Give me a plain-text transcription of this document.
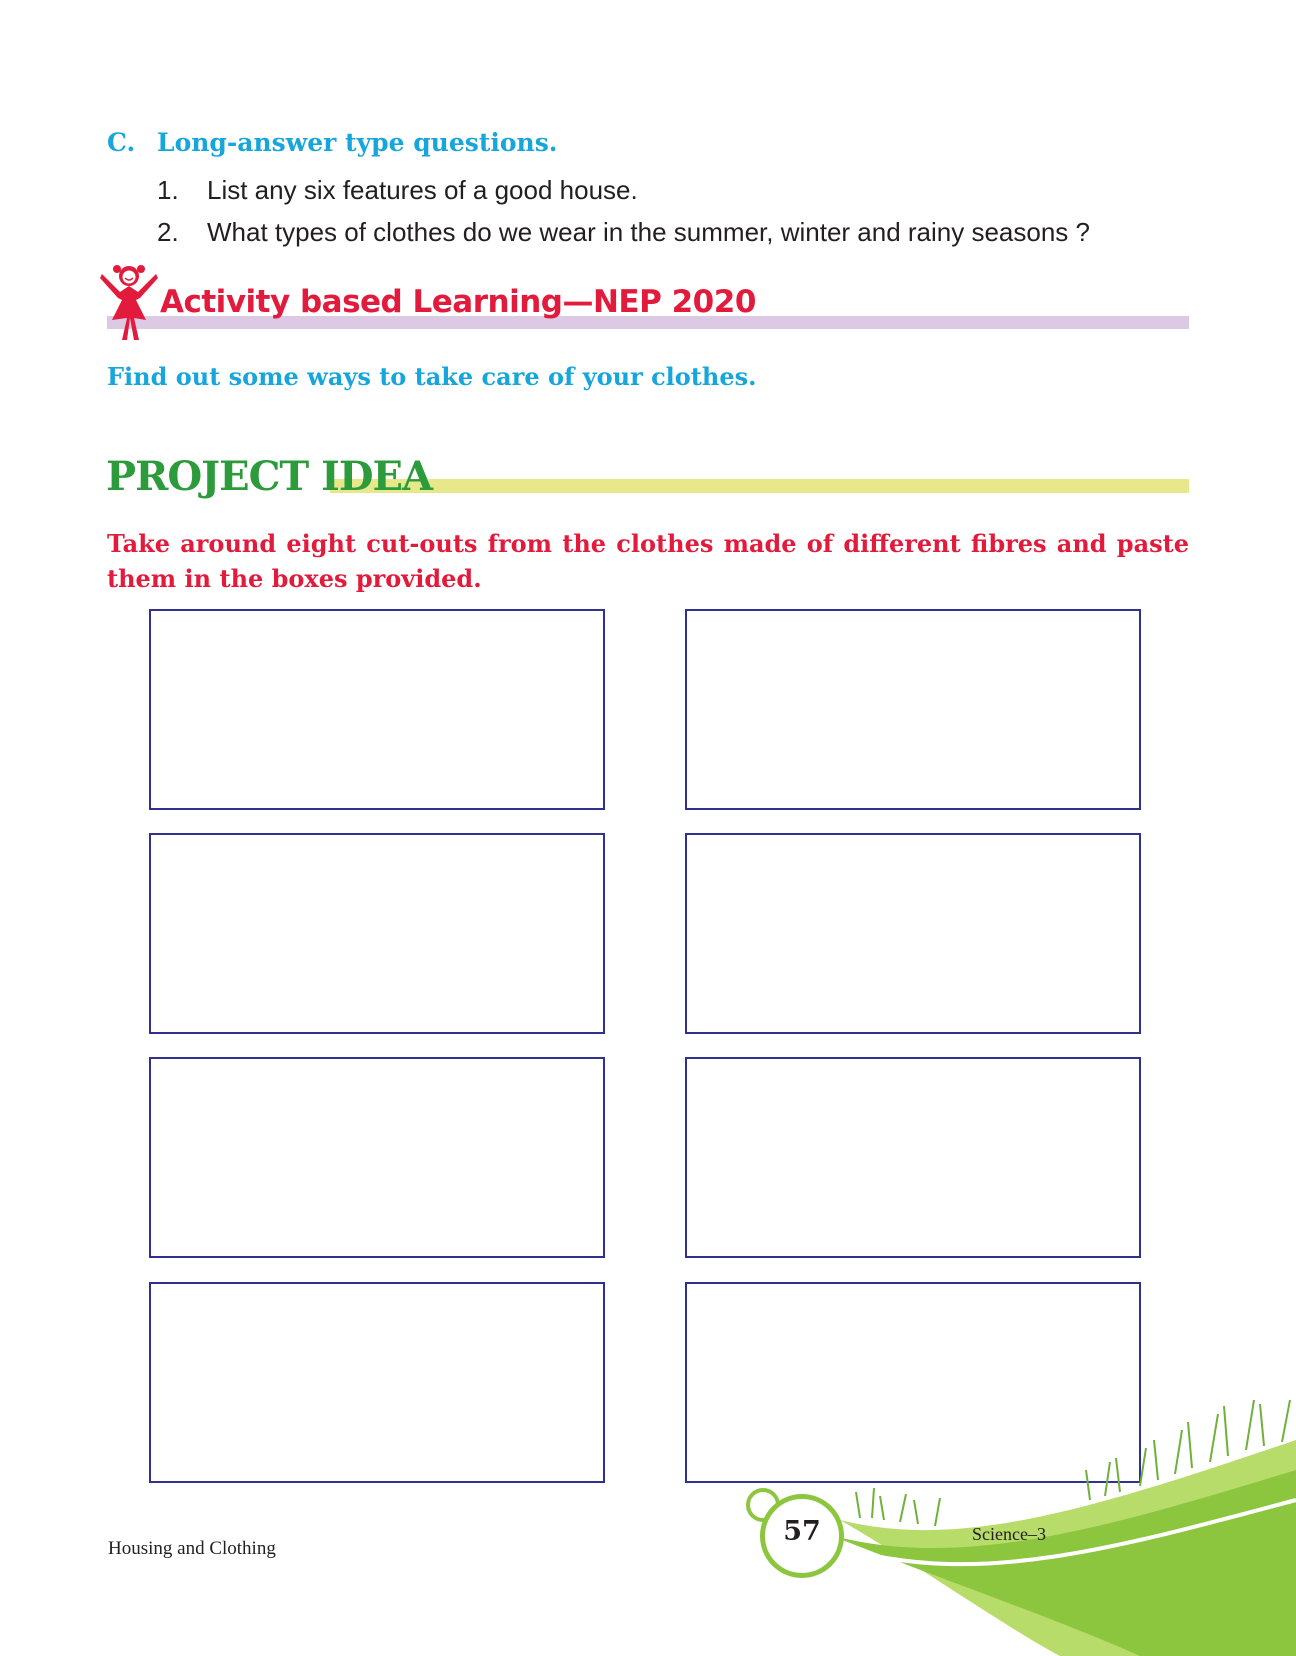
C. Long-answer type questions.
1. List any six features of a good house.
2. What types of clothes do we wear in the summer, winter and rainy seasons ?
Activity based Learning—NEP 2020
Find out some ways to take care of your clothes.
PROJECT IDEA
Take around eight cut-outs from the clothes made of different fibres and paste them in the boxes provided.
57
Housing and Clothing
Science–3
